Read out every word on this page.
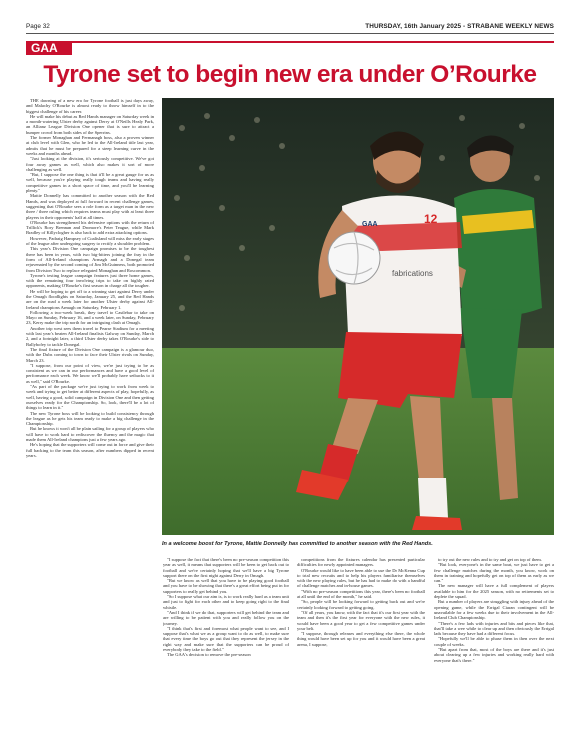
Page 32	THURSDAY, 16th January 2025 - STRABANE WEEKLY NEWS
GAA
Tyrone set to begin new era under O’Rourke

THE dawning of a new era for Tyrone football is just days away, and Malachy O'Rourke is almost ready to throw himself in to the biggest challenge of his career.

He will make his debut as Red Hands manager on Saturday week in a month-watering Ulster derby against Derry at O'Neills Healy Park, an Allianz League Division One opener that is sure to attract a bumper crowd from both sides of the Sperrins.

The former Monaghan and Fermanagh boss, also a proven winner at club level with Glen, who he led to the All-Ireland title last year, admits that he must be prepared for a steep learning curve in the weeks and months ahead.

"Just looking at the division, it's seriously competitive. We've got four away games as well, which also makes it sort of more challenging as well.

"But, I suppose the one thing is that it'll be a great gauge for us as well, because you're playing really tough teams and having really competitive games in a short space of time, and you'll be learning plenty."

Mattie Donnelly has committed to another season with the Red Hands, and was deployed at full forward in recent challenge games, suggesting that O'Rourke sees a role form as a target man in the new three / three ruling which requires teams must play with at least three players in their opponents' half at all times.

O'Rourke has strengthened his defensive options with the return of Trillick's Rory Brennan and Dromore's Peter Teague, while Mark Bradley of Killyclogher is also back to add extra attacking options.

However, Padraig Hampsey of Coalisland will miss the early stages of the league after undergoing surgery to rectify a shoulder problem.

This year's Division One campaign promises to be the toughest there has been in years, with two big-hitters joining the fray in the form of All-Ireland champions Armagh and a Donegal team rejuvenated by the second coming of Jim McGuinness, both promoted from Division Two to replace relegated Monaghan and Roscommon.

Tyrone's testing league campaign features just three home games, with the remaining four involving trips to take on highly rated opponents, making O'Rourke's first season in charge all the tougher.

He will be hoping to get off to a winning start against Derry under the Omagh floodlights on Saturday, January 25, and the Red Hands are on the road a week later for another Ulster derby against All-Ireland champions Armagh on Saturday, February 1.

Following a two-week break, they travel to Castlebar to take on Mayo on Sunday, February 16, and a week later, on Sunday, February 23, Kerry make the trip north for an intriguing clash at Omagh.

Another trip west sees them travel to Pearse Stadium for a meeting with last year's beaten All-Ireland finalists Galway on Sunday, March 2, and a fortnight later, a third Ulster derby takes O'Rourke's side to Ballybofey to tackle Donegal.

The final fixture of the Division One campaign is a glamour duo, with the Dubs coming to town to face their Ulster rivals on Sunday, March 23.

"I suppose, from our point of view, we're just trying to be as consistent as we can in our performances and have a good level of performance each week. We know we'll probably have setbacks to it as well," said O'Rourke.

"As part of the package we're just trying to work from week to week and trying to get better at different aspects of play, hopefully, as well, having a good, solid campaign in Division One and then getting ourselves ready for the Championship. So, look, there'll be a lot of things to learn in it."

The new Tyrone boss will be looking to build consistency through the league as he gets his team ready to make a big challenge in the Championship.

But he knows it won't all be plain sailing for a group of players who will have to work hard to rediscover the fluency and the magic that made them All-Ireland champions just a few years ago.

He's hoping that the supporters will come out in force and give their full backing to the team this season, after numbers dipped in recent years.

12
GAA
fabrications
In a welcome boost for Tyrone, Mattie Donnelly has committed to another season with the Red Hands.

"I suppose the fact that there's been no pre-season competition this year as well, it means that supporters will be keen to get back out to football and we're certainly hoping that we'll have a big Tyrone support there on the first night against Derry in Omagh.

"But we know as well that you have to be playing good football and you have to be showing that there's a great effort being put in for supporters to really get behind you.

"So I suppose what our aim is, is to work really hard as a team unit and just to fight for each other and to keep going right to the final whistle.

"And I think if we do that, supporters will get behind the team and are willing to be patient with you and really follow you on the journey.

"I think that's first and foremost what people want to see, and I suppose that's what we as a group want to do as well, to make sure that every time the boys go out that they represent the jersey in the right way and make sure that the supporters can be proud of everybody they take to the field."

The GAA's decision to remove the pre-season

competitions from the fixtures calendar has presented particular difficulties for newly appointed managers.

O'Rourke would like to have been able to use the Dr McKenna Cup to trial new recruits and to help his players familiarise themselves with the new playing rules, but he has had to make do with a handful of challenge matches and in-house games.

"With no pre-season competitions this year, there's been no football at all until the end of the month," he said.

"So, people will be looking forward to getting back out and we're certainly looking forward to getting going.

"Of all years, you know, with the fact that it's our first year with the team and then it's the first year for everyone with the new rules, it would have been a good year to get a few competitive games under your belt.

"I suppose, through releases and everything else there, the whole thing would have been set up for you and it would have been a great arena, I suppose,

to try out the new rules and to try and get on top of them.

"But look, everyone's in the same boat, we just have to get a few challenge matches during the month, you know, work on them in training and hopefully get on top of them as early as we can."

The new manager will have a full complement of players available to him for the 2025 season, with no retirements set to deplete the squad.

But a number of players are struggling with injury ahead of the opening game, while the Errigal Ciaran contingent will be unavailable for a few weeks due to their involvement in the All-Ireland Club Championship.

"There's a few lads with injuries and bits and pieces like that, that'll take a wee while to clear up and then obviously the Errigal lads because they have had a different focus.

"Hopefully we'll be able to phase them in then over the next couple of weeks.

"But apart from that, most of the boys are there and it's just about clearing up a few injuries and working really hard with everyone that's there."
